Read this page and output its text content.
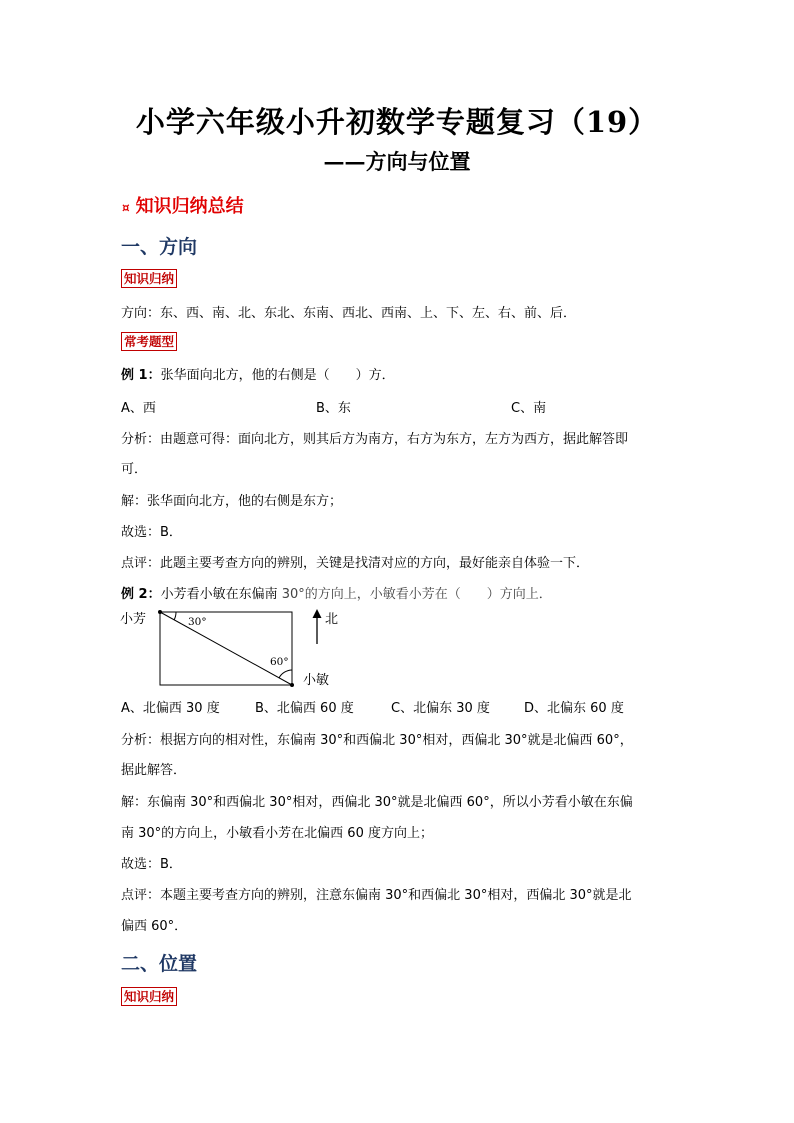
小学六年级小升初数学专题复习（19）
——方向与位置
¤ 知识归纳总结
一、方向
知识归纳
方向：东、西、南、北、东北、东南、西北、西南、上、下、左、右、前、后．
常考题型
例 1：张华面向北方，他的右侧是（　　）方．
A、西	B、东	C、南
分析：由题意可得：面向北方，则其后方为南方，右方为东方，左方为西方，据此解答即
可．
解：张华面向北方，他的右侧是东方；
故选：B．
点评：此题主要考查方向的辨别，关键是找清对应的方向，最好能亲自体验一下．
例 2：小芳看小敏在东偏南 30°的方向上，小敏看小芳在（　　）方向上．
小芳
小敏
30°
60°
北
A、北偏西 30 度	B、北偏西 60 度	C、北偏东 30 度	D、北偏东 60 度
分析：根据方向的相对性，东偏南 30°和西偏北 30°相对，西偏北 30°就是北偏西 60°，
据此解答．
解：东偏南 30°和西偏北 30°相对，西偏北 30°就是北偏西 60°，所以小芳看小敏在东偏
南 30°的方向上，小敏看小芳在北偏西 60 度方向上；
故选：B．
点评：本题主要考查方向的辨别，注意东偏南 30°和西偏北 30°相对，西偏北 30°就是北
偏西 60°．
二、位置
知识归纳
